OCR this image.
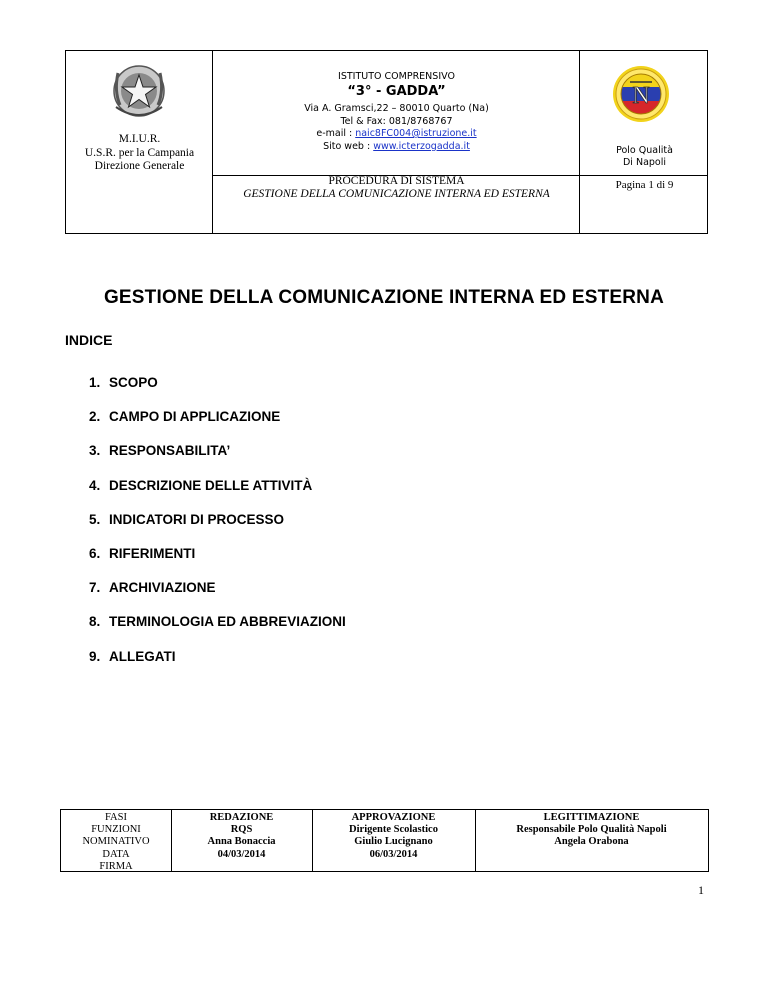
M.I.U.R.
U.S.R. per la Campania
Direzione Generale
ISTITUTO COMPRENSIVO
“3° - GADDA”
Via A. Gramsci,22 – 80010 Quarto (Na)
Tel & Fax: 081/8768767
e-mail : naic8FC004@istruzione.it
Sito web : www.icterzogadda.it
PROCEDURA DI SISTEMA
GESTIONE DELLA COMUNICAZIONE INTERNA ED ESTERNA
N
Polo Qualità
Di Napoli
Pagina 1 di 9
GESTIONE DELLA COMUNICAZIONE INTERNA ED ESTERNA
INDICE
1. SCOPO
2. CAMPO DI APPLICAZIONE
3. RESPONSABILITA’
4. DESCRIZIONE DELLE ATTIVITÀ
5. INDICATORI DI PROCESSO
6. RIFERIMENTI
7. ARCHIVIAZIONE
8. TERMINOLOGIA ED ABBREVIAZIONI
9. ALLEGATI
FASI
FUNZIONI
NOMINATIVO
DATA
FIRMA
REDAZIONE
RQS
Anna Bonaccia
04/03/2014
APPROVAZIONE
Dirigente Scolastico
Giulio Lucignano
06/03/2014
LEGITTIMAZIONE
Responsabile Polo Qualità Napoli
Angela Orabona
1
